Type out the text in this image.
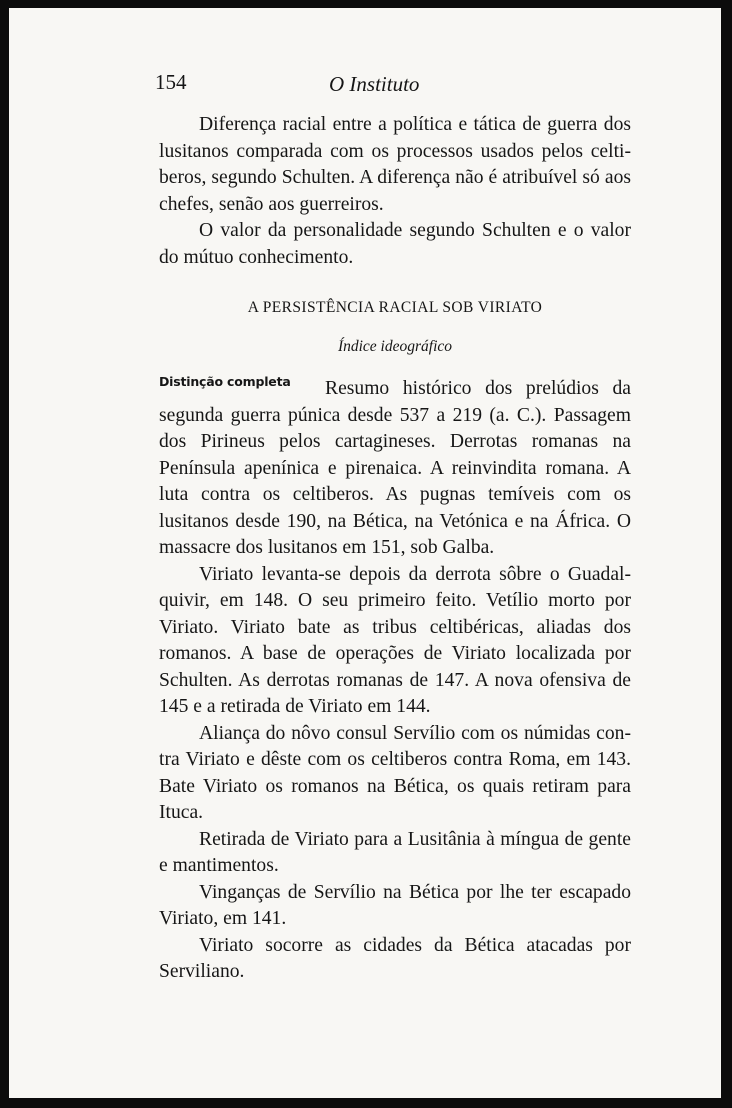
154	O Instituto

Diferença racial entre a política e tática de guerra dos lusitanos comparada com os processos usados pelos celtiberos, segundo Schulten. A diferença não é atribuível só aos chefes, senão aos guerreiros.

O valor da personalidade segundo Schulten e o valor do mútuo conhecimento.

A PERSISTÊNCIA RACIAL SOB VIRIATO
Índice ideográfico
Distinção completa	Resumo histórico dos prelúdios da segunda guerra púnica desde 537 a 219 (a. C.). Passagem dos Pirineus pelos cartagineses. Derrotas romanas na Península apenínica e pirenaica. A reinvindita romana. A luta contra os celtiberos. As pugnas temíveis com os lusitanos desde 190, na Bética, na Vetónica e na África. O massacre dos lusitanos em 151, sob Galba.

Viriato levanta-se depois da derrota sôbre o Guadalquivir, em 148. O seu primeiro feito. Vetílio morto por Viriato. Viriato bate as tribus celtibéricas, aliadas dos romanos. A base de operações de Viriato localizada por Schulten. As derrotas romanas de 147. A nova ofensiva de 145 e a retirada de Viriato em 144.

Aliança do nôvo consul Servílio com os númidas contra Viriato e dêste com os celtiberos contra Roma, em 143. Bate Viriato os romanos na Bética, os quais retiram para Ituca.

Retirada de Viriato para a Lusitânia à míngua de gente e mantimentos.

Vinganças de Servílio na Bética por lhe ter escapado Viriato, em 141.

Viriato socorre as cidades da Bética atacadas por Serviliano.
